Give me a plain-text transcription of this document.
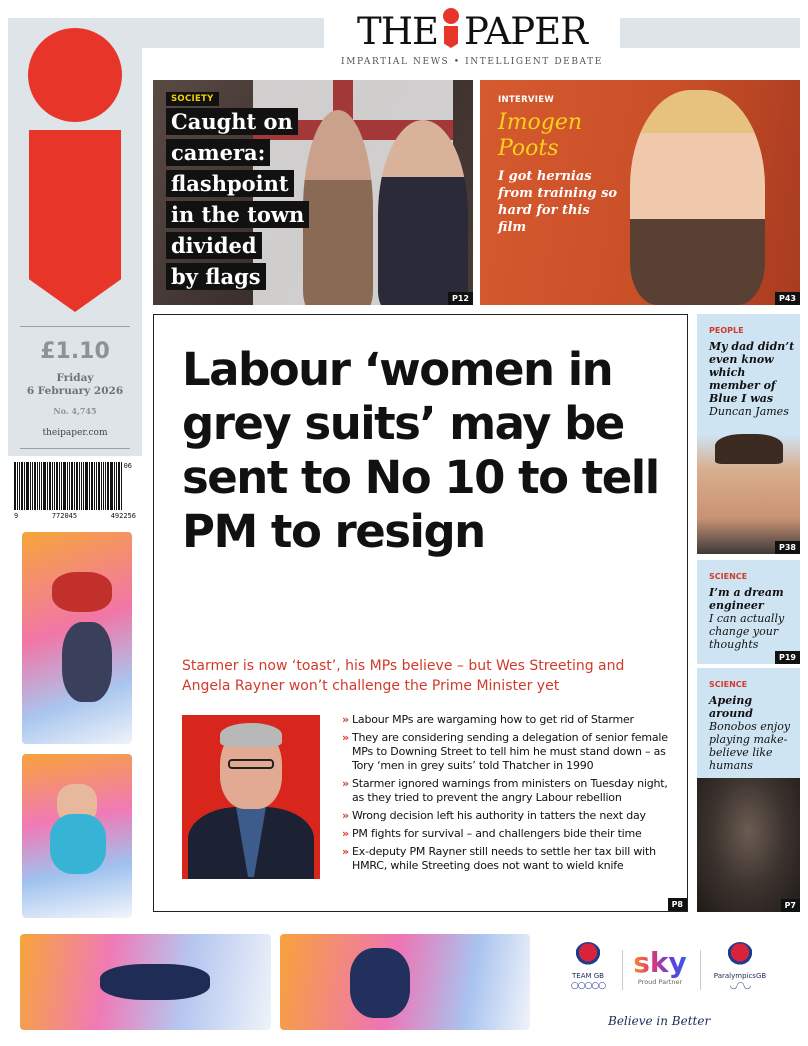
£1.10
Friday
6 February 2026
No. 4,745
theipaper.com
9	772045	492256
06
THE PAPER
IMPARTIAL NEWS • INTELLIGENT DEBATE
SOCIETY
Caught on
camera:
flashpoint
in the town
divided
by flags
P12
INTERVIEW
Imogen Poots
I got hernias from training so hard for this film
P43
Labour ‘women in grey suits’ may be sent to No 10 to tell PM to resign
Starmer is now ‘toast’, his MPs believe – but Wes Streeting and Angela Rayner won’t challenge the Prime Minister yet
» Labour MPs are wargaming how to get rid of Starmer
» They are considering sending a delegation of senior female MPs to Downing Street to tell him he must stand down – as Tory ‘men in grey suits’ told Thatcher in 1990
» Starmer ignored warnings from ministers on Tuesday night, as they tried to prevent the angry Labour rebellion
» Wrong decision left his authority in tatters the next day
» PM fights for survival – and challengers bide their time
» Ex-deputy PM Rayner still needs to settle her tax bill with HMRC, while Streeting does not want to wield knife
P8
PEOPLE
My dad didn’t even know which member of Blue I was
Duncan James
P38
SCIENCE
I’m a dream engineer
I can actually change your thoughts
P19
SCIENCE
Apeing around
Bonobos enjoy playing make-believe like humans
P7
TEAM GB
○○○○○
sky
Proud Partner
ParalympicsGB
◡◠◡
Believe in Better
